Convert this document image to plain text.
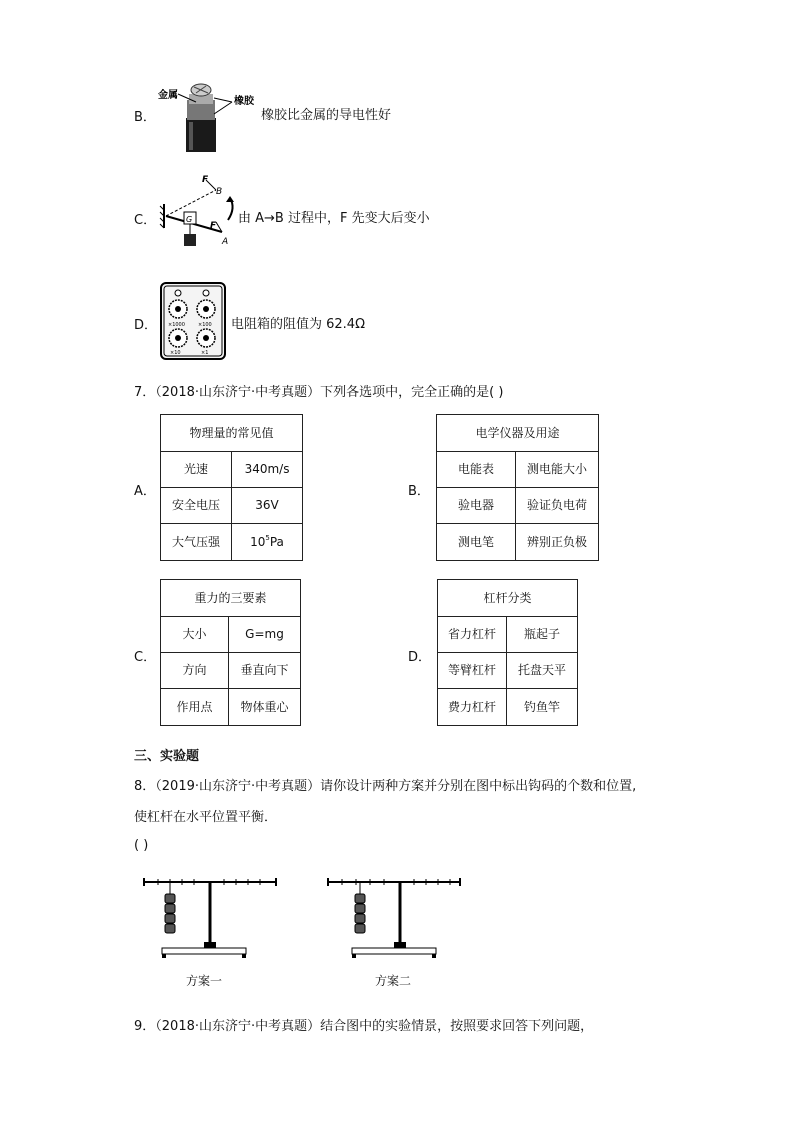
B．
金属
橡胶
橡胶比金属的导电性好
C．	G
F
B
F
A
由 A→B 过程中，F 先变大后变小
D． ×1000	×100
×10	×1
电阻箱的阻值为 62.4Ω
7．（2018·山东济宁·中考真题）下列各选项中，完全正确的是( )
A．
物理量的常见值	
光速	340m/s
安全电压	36V
大气压强	$10^5Pa$
B．
电学仪器及用途	
电能表	测电能大小
验电器	验证负电荷
测电笔	辨别正负极
C．
重力的三要素	
大小	G=mg
方向	垂直向下
作用点	物体重心
D．
杠杆分类	
省力杠杆	瓶起子
等臂杠杆	托盘天平
费力杠杆	钓鱼竿
三、实验题
8．（2019·山东济宁·中考真题）请你设计两种方案并分别在图中标出钩码的个数和位置,
使杠杆在水平位置平衡．
( )
方案一	方案二
9．（2018·山东济宁·中考真题）结合图中的实验情景，按照要求回答下列问题，
